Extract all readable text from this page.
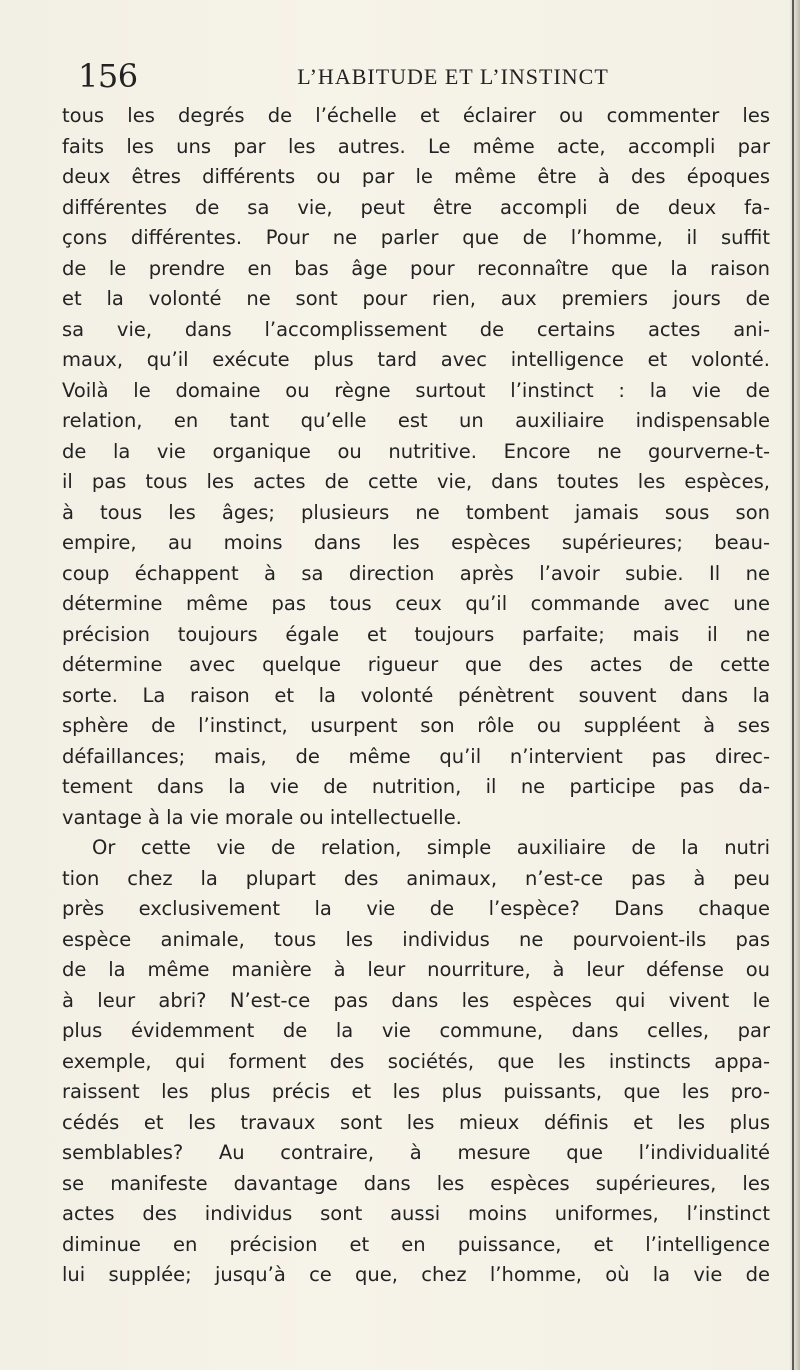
156	L’HABITUDE ET L’INSTINCT
tous les degrés de l’échelle et éclairer ou commenter les
faits les uns par les autres. Le même acte, accompli par
deux êtres différents ou par le même être à des époques
différentes de sa vie, peut être accompli de deux fa-
çons différentes. Pour ne parler que de l’homme, il suffit
de le prendre en bas âge pour reconnaître que la raison
et la volonté ne sont pour rien, aux premiers jours de
sa vie, dans l’accomplissement de certains actes ani-
maux, qu’il exécute plus tard avec intelligence et volonté.
Voilà le domaine ou règne surtout l’instinct : la vie de
relation, en tant qu’elle est un auxiliaire indispensable
de la vie organique ou nutritive. Encore ne gourverne-t-
il pas tous les actes de cette vie, dans toutes les espèces,
à tous les âges; plusieurs ne tombent jamais sous son
empire, au moins dans les espèces supérieures; beau-
coup échappent à sa direction après l’avoir subie. Il ne
détermine même pas tous ceux qu’il commande avec une
précision toujours égale et toujours parfaite; mais il ne
détermine avec quelque rigueur que des actes de cette
sorte. La raison et la volonté pénètrent souvent dans la
sphère de l’instinct, usurpent son rôle ou suppléent à ses
défaillances; mais, de même qu’il n’intervient pas direc-
tement dans la vie de nutrition, il ne participe pas da-
vantage à la vie morale ou intellectuelle.
Or cette vie de relation, simple auxiliaire de la nutri
tion chez la plupart des animaux, n’est-ce pas à peu
près exclusivement la vie de l’espèce? Dans chaque
espèce animale, tous les individus ne pourvoient-ils pas
de la même manière à leur nourriture, à leur défense ou
à leur abri? N’est-ce pas dans les espèces qui vivent le
plus évidemment de la vie commune, dans celles, par
exemple, qui forment des sociétés, que les instincts appa-
raissent les plus précis et les plus puissants, que les pro-
cédés et les travaux sont les mieux définis et les plus
semblables? Au contraire, à mesure que l’individualité
se manifeste davantage dans les espèces supérieures, les
actes des individus sont aussi moins uniformes, l’instinct
diminue en précision et en puissance, et l’intelligence
lui supplée; jusqu’à ce que, chez l’homme, où la vie de
